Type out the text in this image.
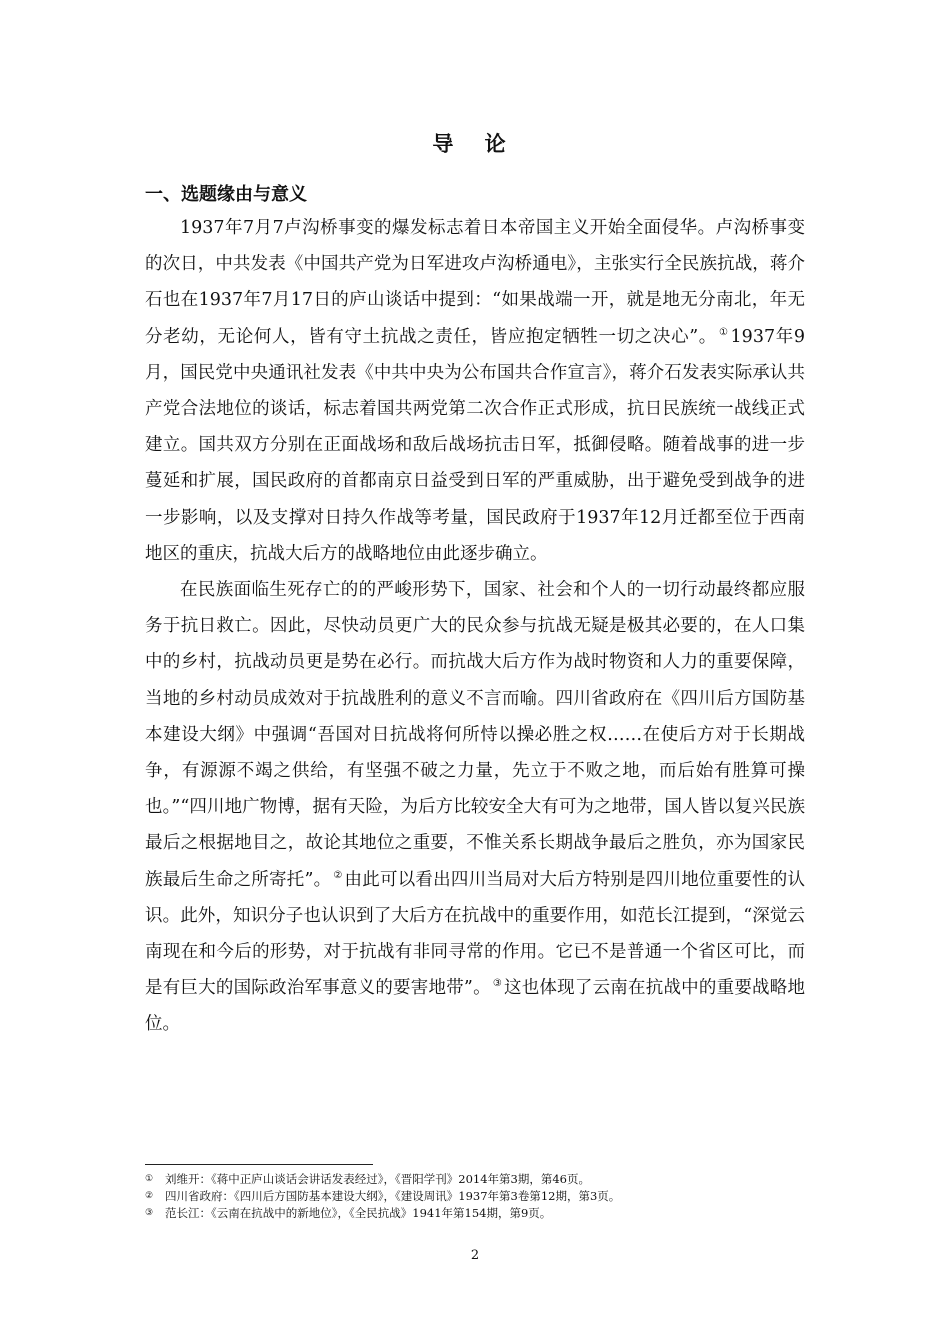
导 论
一、选题缘由与意义

1937年7月7卢沟桥事变的爆发标志着日本帝国主义开始全面侵华。卢沟桥事变的次日，中共发表《中国共产党为日军进攻卢沟桥通电》，主张实行全民族抗战，蒋介石也在1937年7月17日的庐山谈话中提到：“如果战端一开，就是地无分南北，年无分老幼，无论何人，皆有守土抗战之责任，皆应抱定牺牲一切之决心”。 ① 1937年9月，国民党中央通讯社发表《中共中央为公布国共合作宣言》，蒋介石发表实际承认共产党合法地位的谈话，标志着国共两党第二次合作正式形成，抗日民族统一战线正式建立。国共双方分别在正面战场和敌后战场抗击日军，抵御侵略。随着战事的进一步蔓延和扩展，国民政府的首都南京日益受到日军的严重威胁，出于避免受到战争的进一步影响，以及支撑对日持久作战等考量，国民政府于1937年12月迁都至位于西南地区的重庆，抗战大后方的战略地位由此逐步确立。

在民族面临生死存亡的的严峻形势下，国家、社会和个人的一切行动最终都应服务于抗日救亡。因此，尽快动员更广大的民众参与抗战无疑是极其必要的，在人口集中的乡村，抗战动员更是势在必行。而抗战大后方作为战时物资和人力的重要保障，当地的乡村动员成效对于抗战胜利的意义不言而喻。四川省政府在《四川后方国防基本建设大纲》中强调“吾国对日抗战将何所恃以操必胜之权……在使后方对于长期战争，有源源不竭之供给，有坚强不破之力量，先立于不败之地，而后始有胜算可操也。”“四川地广物博，据有天险，为后方比较安全大有可为之地带，国人皆以复兴民族最后之根据地目之，故论其地位之重要，不惟关系长期战争最后之胜负，亦为国家民族最后生命之所寄托”。 ② 由此可以看出四川当局对大后方特别是四川地位重要性的认识。此外，知识分子也认识到了大后方在抗战中的重要作用，如范长江提到，“深觉云南现在和今后的形势，对于抗战有非同寻常的作用。它已不是普通一个省区可比，而是有巨大的国际政治军事意义的要害地带”。 ③ 这也体现了云南在抗战中的重要战略地位。

① 刘维开：《蒋中正庐山谈话会讲话发表经过》，《晋阳学刊》2014年第3期，第46页。
② 四川省政府：《四川后方国防基本建设大纲》，《建设周讯》1937年第3卷第12期，第3页。
③ 范长江：《云南在抗战中的新地位》，《全民抗战》1941年第154期，第9页。
2
